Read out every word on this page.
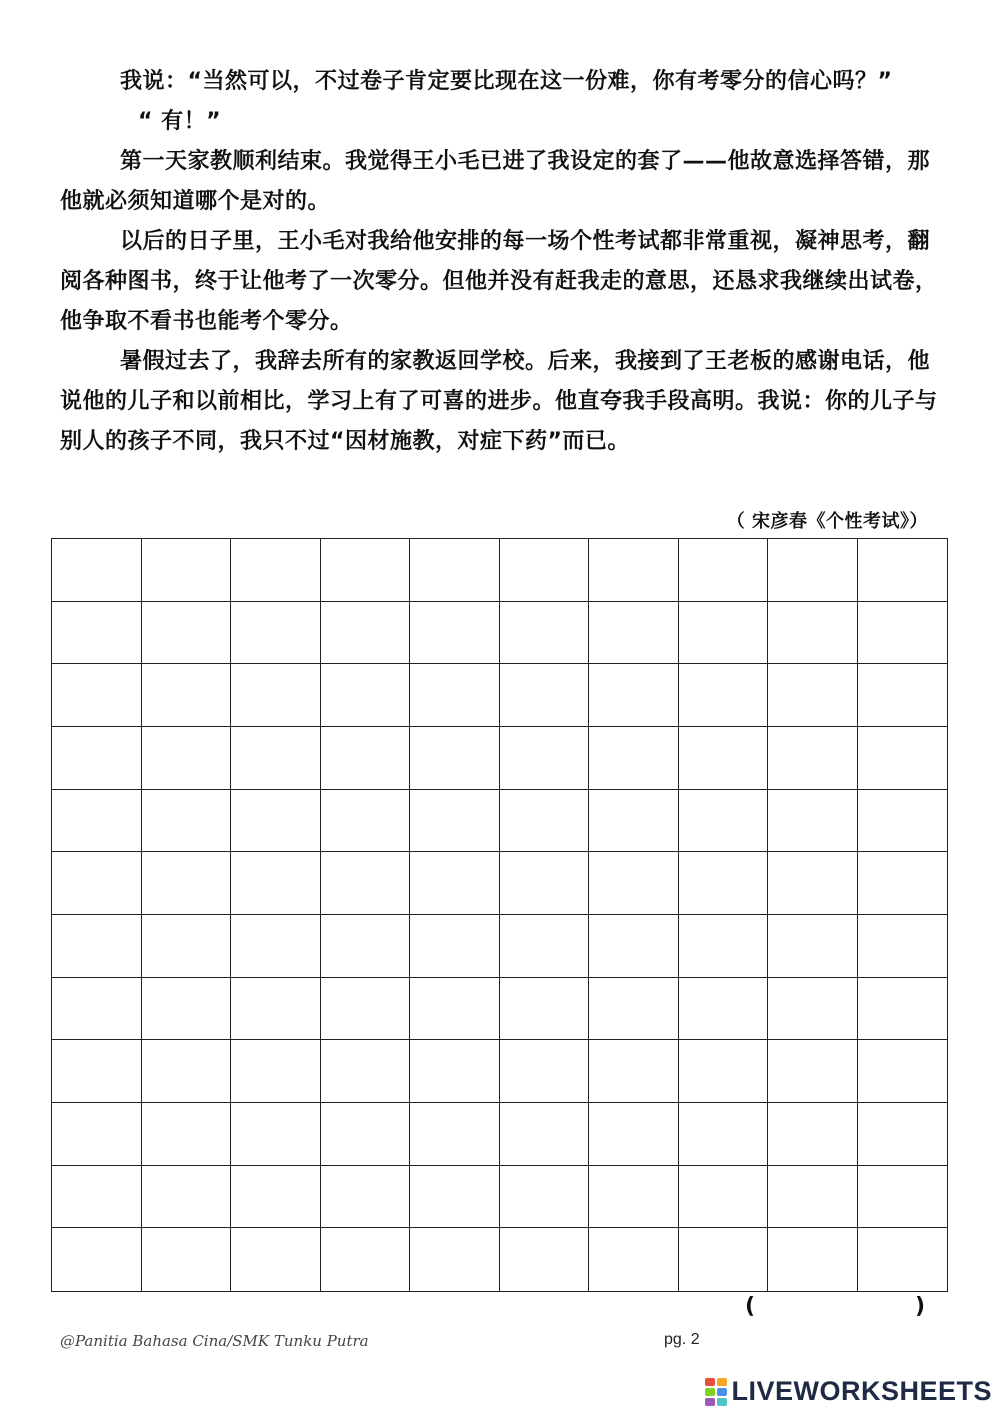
我说：“当然可以，不过卷子肯定要比现在这一份难，你有考零分的信心吗？”

“ 有！”

第一天家教顺利结束。我觉得王小毛已进了我设定的套了——他故意选择答错，那他就必须知道哪个是对的。

以后的日子里，王小毛对我给他安排的每一场个性考试都非常重视，凝神思考，翻阅各种图书，终于让他考了一次零分。但他并没有赶我走的意思，还恳求我继续出试卷，他争取不看书也能考个零分。

暑假过去了，我辞去所有的家教返回学校。后来，我接到了王老板的感谢电话，他说他的儿子和以前相比，学习上有了可喜的进步。他直夸我手段高明。我说：你的儿子与别人的孩子不同，我只不过“因材施教，对症下药”而已。

（ 宋彦春《个性考试》）
(	)
@Panitia Bahasa Cina/SMK Tunku Putra	pg. 2
LIVEWORKSHEETS
